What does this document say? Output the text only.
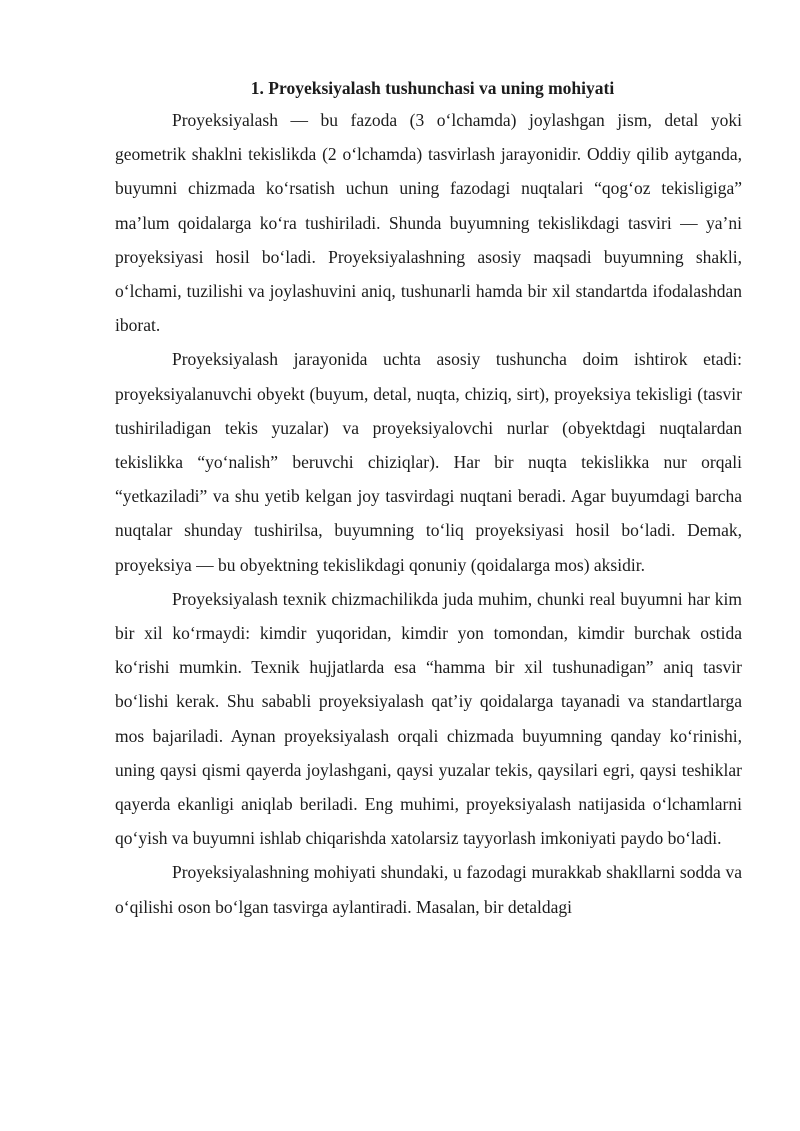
1. Proyeksiyalash tushunchasi va uning mohiyati

Proyeksiyalash — bu fazoda (3 o‘lchamda) joylashgan jism, detal yoki geometrik shaklni tekislikda (2 o‘lchamda) tasvirlash jarayonidir. Oddiy qilib aytganda, buyumni chizmada ko‘rsatish uchun uning fazodagi nuqtalari “qog‘oz tekisligiga” ma’lum qoidalarga ko‘ra tushiriladi. Shunda buyumning tekislikdagi tasviri — ya’ni proyeksiyasi hosil bo‘ladi. Proyeksiyalashning asosiy maqsadi buyumning shakli, o‘lchami, tuzilishi va joylashuvini aniq, tushunarli hamda bir xil standartda ifodalashdan iborat.

Proyeksiyalash jarayonida uchta asosiy tushuncha doim ishtirok etadi: proyeksiyalanuvchi obyekt (buyum, detal, nuqta, chiziq, sirt), proyeksiya tekisligi (tasvir tushiriladigan tekis yuzalar) va proyeksiyalovchi nurlar (obyektdagi nuqtalardan tekislikka “yo‘nalish” beruvchi chiziqlar). Har bir nuqta tekislikka nur orqali “yetkaziladi” va shu yetib kelgan joy tasvirdagi nuqtani beradi. Agar buyumdagi barcha nuqtalar shunday tushirilsa, buyumning to‘liq proyeksiyasi hosil bo‘ladi. Demak, proyeksiya — bu obyektning tekislikdagi qonuniy (qoidalarga mos) aksidir.

Proyeksiyalash texnik chizmachilikda juda muhim, chunki real buyumni har kim bir xil ko‘rmaydi: kimdir yuqoridan, kimdir yon tomondan, kimdir burchak ostida ko‘rishi mumkin. Texnik hujjatlarda esa “hamma bir xil tushunadigan” aniq tasvir bo‘lishi kerak. Shu sababli proyeksiyalash qat’iy qoidalarga tayanadi va standartlarga mos bajariladi. Aynan proyeksiyalash orqali chizmada buyumning qanday ko‘rinishi, uning qaysi qismi qayerda joylashgani, qaysi yuzalar tekis, qaysilari egri, qaysi teshiklar qayerda ekanligi aniqlab beriladi. Eng muhimi, proyeksiyalash natijasida o‘lchamlarni qo‘yish va buyumni ishlab chiqarishda xatolarsiz tayyorlash imkoniyati paydo bo‘ladi.

Proyeksiyalashning mohiyati shundaki, u fazodagi murakkab shakllarni sodda va o‘qilishi oson bo‘lgan tasvirga aylantiradi. Masalan, bir detaldagi
